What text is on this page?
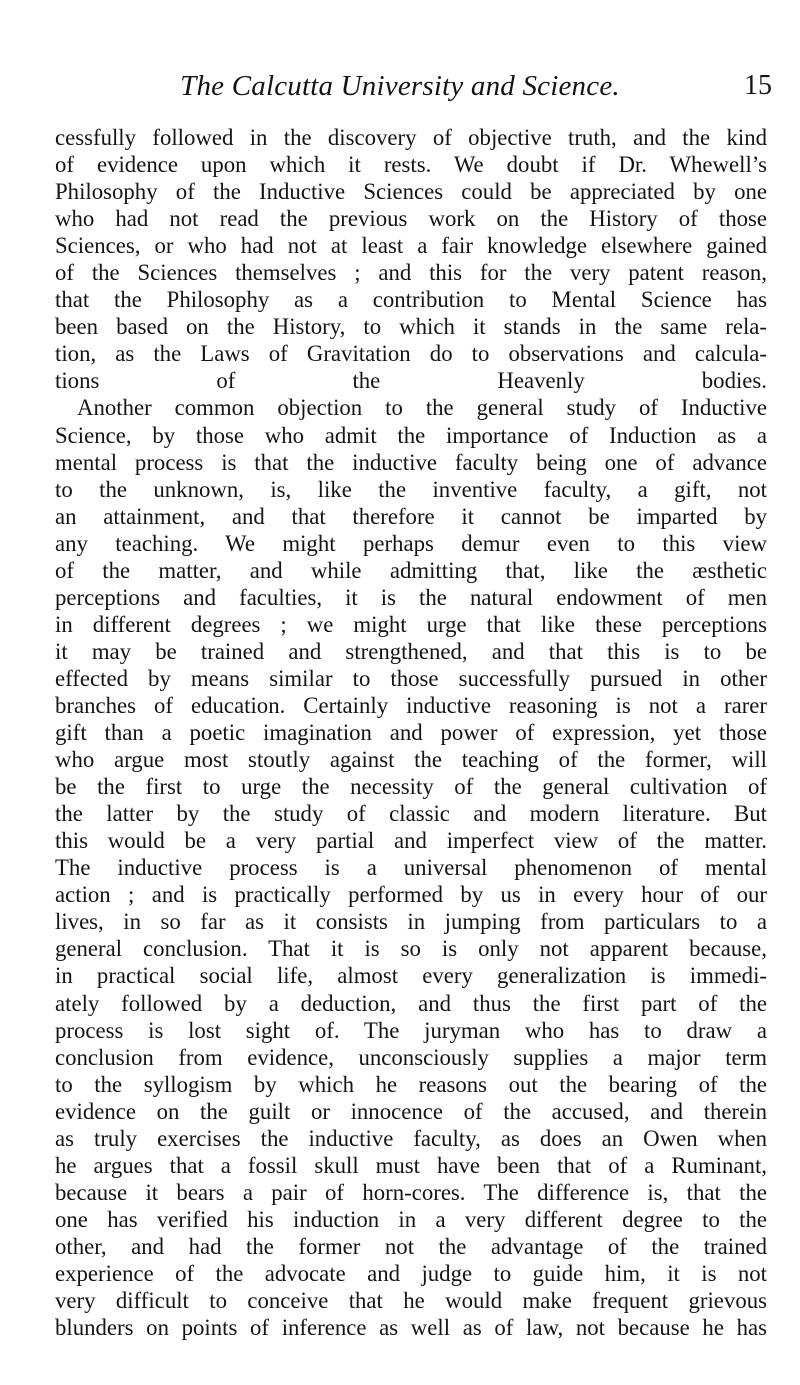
The Calcutta University and Science.	15
cessfully followed in the discovery of objective truth, and the kind
of evidence upon which it rests. We doubt if Dr. Whewell’s
Philosophy of the Inductive Sciences could be appreciated by one
who had not read the previous work on the History of those
Sciences, or who had not at least a fair knowledge elsewhere gained
of the Sciences themselves ; and this for the very patent reason,
that the Philosophy as a contribution to Mental Science has
been based on the History, to which it stands in the same rela-
tion, as the Laws of Gravitation do to observations and calcula-
tions of the Heavenly bodies.
Another common objection to the general study of Inductive
Science, by those who admit the importance of Induction as a
mental process is that the inductive faculty being one of advance
to the unknown, is, like the inventive faculty, a gift, not
an attainment, and that therefore it cannot be imparted by
any teaching. We might perhaps demur even to this view
of the matter, and while admitting that, like the æsthetic
perceptions and faculties, it is the natural endowment of men
in different degrees ; we might urge that like these perceptions
it may be trained and strengthened, and that this is to be
effected by means similar to those successfully pursued in other
branches of education. Certainly inductive reasoning is not a rarer
gift than a poetic imagination and power of expression, yet those
who argue most stoutly against the teaching of the former, will
be the first to urge the necessity of the general cultivation of
the latter by the study of classic and modern literature. But
this would be a very partial and imperfect view of the matter.
The inductive process is a universal phenomenon of mental
action ; and is practically performed by us in every hour of our
lives, in so far as it consists in jumping from particulars to a
general conclusion. That it is so is only not apparent because,
in practical social life, almost every generalization is immedi-
ately followed by a deduction, and thus the first part of the
process is lost sight of. The juryman who has to draw a
conclusion from evidence, unconsciously supplies a major term
to the syllogism by which he reasons out the bearing of the
evidence on the guilt or innocence of the accused, and therein
as truly exercises the inductive faculty, as does an Owen when
he argues that a fossil skull must have been that of a Ruminant,
because it bears a pair of horn-cores. The difference is, that the
one has verified his induction in a very different degree to the
other, and had the former not the advantage of the trained
experience of the advocate and judge to guide him, it is not
very difficult to conceive that he would make frequent grievous
blunders on points of inference as well as of law, not because he has
